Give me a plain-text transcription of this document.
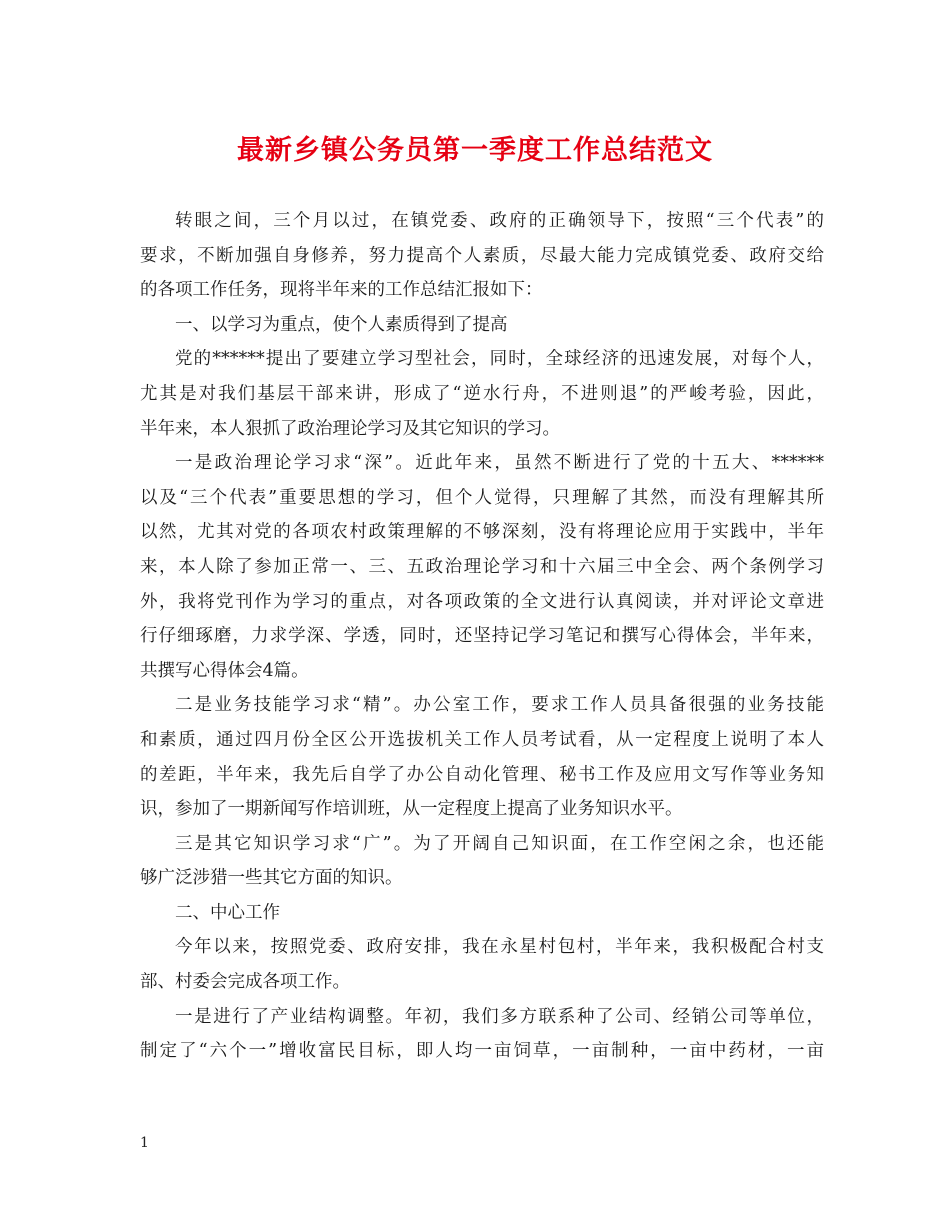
最新乡镇公务员第一季度工作总结范文
转眼之间，三个月以过，在镇党委、政府的正确领导下，按照“三个代表”的
要求，不断加强自身修养，努力提高个人素质，尽最大能力完成镇党委、政府交给
的各项工作任务，现将半年来的工作总结汇报如下：
一、以学习为重点，使个人素质得到了提高
党的******提出了要建立学习型社会，同时，全球经济的迅速发展，对每个人，
尤其是对我们基层干部来讲，形成了“逆水行舟，不进则退”的严峻考验，因此，
半年来，本人狠抓了政治理论学习及其它知识的学习。
一是政治理论学习求“深”。近此年来，虽然不断进行了党的十五大、******
以及“三个代表”重要思想的学习，但个人觉得，只理解了其然，而没有理解其所
以然，尤其对党的各项农村政策理解的不够深刻，没有将理论应用于实践中，半年
来，本人除了参加正常一、三、五政治理论学习和十六届三中全会、两个条例学习
外，我将党刊作为学习的重点，对各项政策的全文进行认真阅读，并对评论文章进
行仔细琢磨，力求学深、学透，同时，还坚持记学习笔记和撰写心得体会，半年来，
共撰写心得体会4篇。
二是业务技能学习求“精”。办公室工作，要求工作人员具备很强的业务技能
和素质，通过四月份全区公开选拔机关工作人员考试看，从一定程度上说明了本人
的差距，半年来，我先后自学了办公自动化管理、秘书工作及应用文写作等业务知
识，参加了一期新闻写作培训班，从一定程度上提高了业务知识水平。
三是其它知识学习求“广”。为了开阔自己知识面，在工作空闲之余，也还能
够广泛涉猎一些其它方面的知识。
二、中心工作
今年以来，按照党委、政府安排，我在永星村包村，半年来，我积极配合村支
部、村委会完成各项工作。
一是进行了产业结构调整。年初，我们多方联系种了公司、经销公司等单位，
制定了“六个一”增收富民目标，即人均一亩饲草，一亩制种，一亩中药材，一亩
1
